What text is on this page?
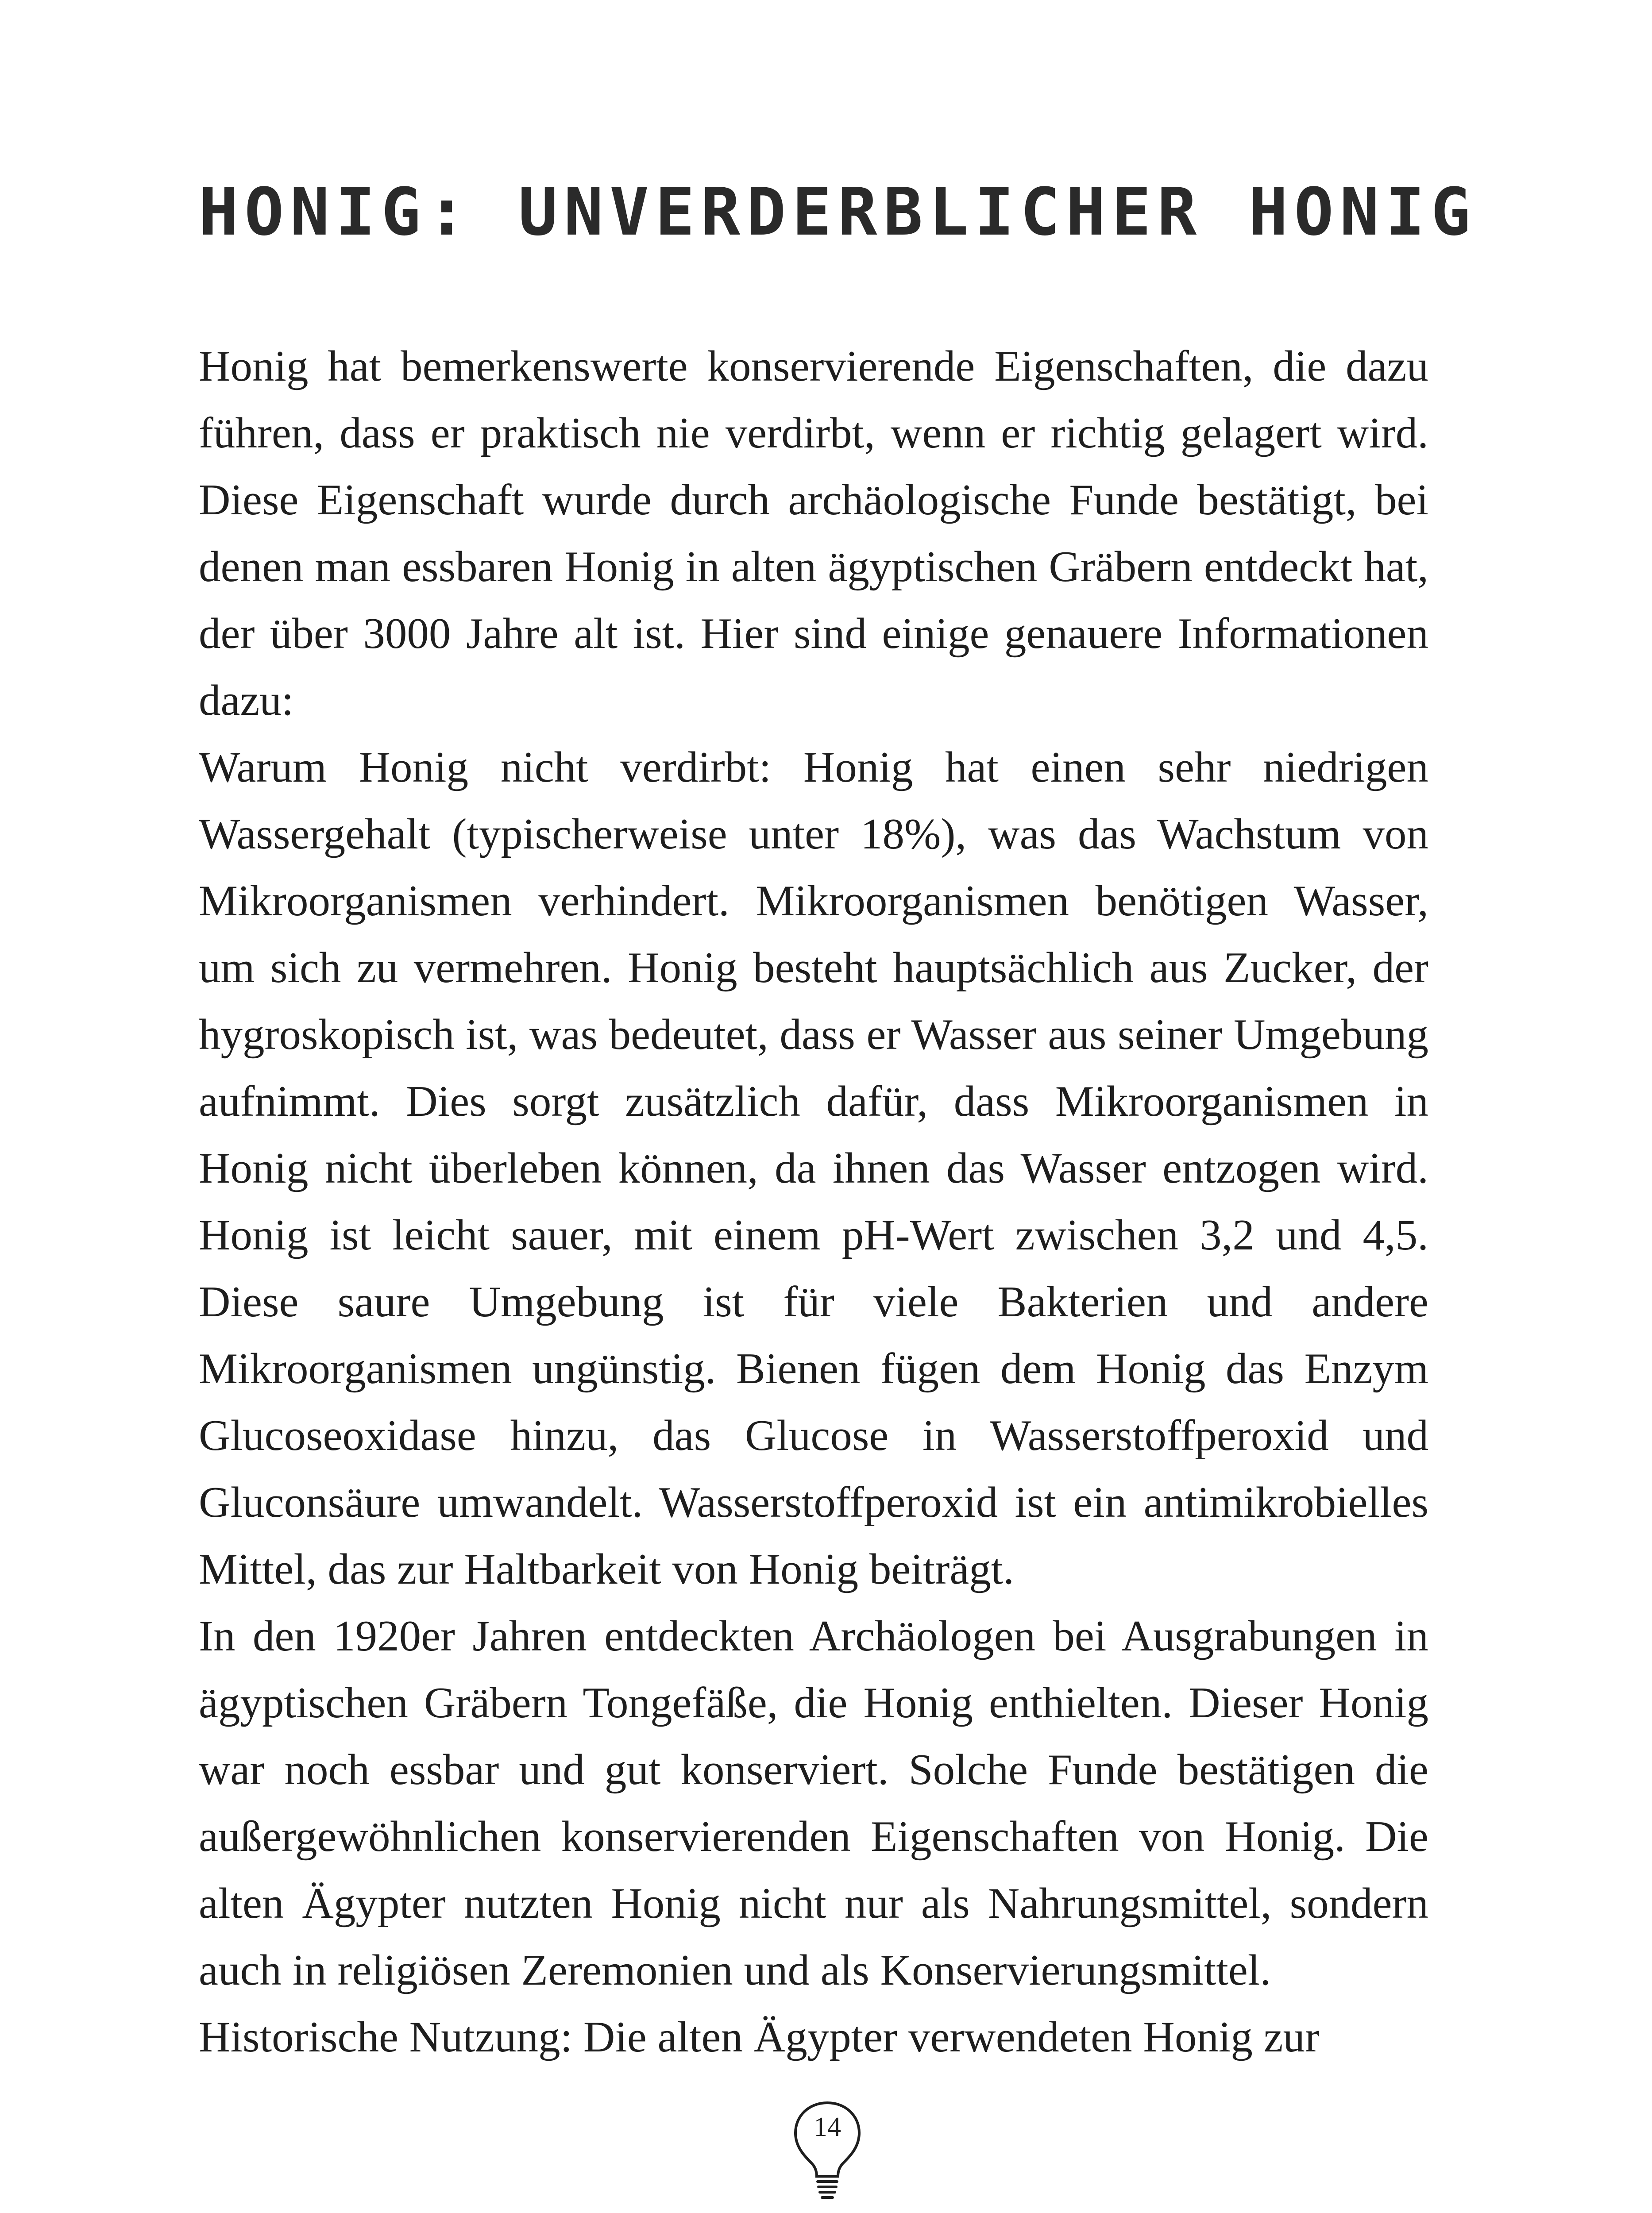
HONIG: UNVERDERBLICHER HONIG

Honig hat bemerkenswerte konservierende Eigenschaften, die dazu führen, dass er praktisch nie verdirbt, wenn er richtig gelagert wird. Diese Eigenschaft wurde durch archäologische Funde bestätigt, bei denen man essbaren Honig in alten ägyptischen Gräbern entdeckt hat, der über 3000 Jahre alt ist. Hier sind einige genauere Informationen dazu:

Warum Honig nicht verdirbt: Honig hat einen sehr niedrigen Wassergehalt (typischerweise unter 18%), was das Wachstum von Mikroorganismen verhindert. Mikroorganismen benötigen Wasser, um sich zu vermehren. Honig besteht hauptsächlich aus Zucker, der hygroskopisch ist, was bedeutet, dass er Wasser aus seiner Umgebung aufnimmt. Dies sorgt zusätzlich dafür, dass Mikroorganismen in Honig nicht überleben können, da ihnen das Wasser entzogen wird. Honig ist leicht sauer, mit einem pH-Wert zwischen 3,2 und 4,5. Diese saure Umgebung ist für viele Bakterien und andere Mikroorganismen ungünstig. Bienen fügen dem Honig das Enzym Glucoseoxidase hinzu, das Glucose in Wasserstoffperoxid und Gluconsäure umwandelt. Wasserstoffperoxid ist ein antimikrobielles Mittel, das zur Haltbarkeit von Honig beiträgt.

In den 1920er Jahren entdeckten Archäologen bei Ausgrabungen in ägyptischen Gräbern Tongefäße, die Honig enthielten. Dieser Honig war noch essbar und gut konserviert. Solche Funde bestätigen die außergewöhnlichen konservierenden Eigenschaften von Honig. Die alten Ägypter nutzten Honig nicht nur als Nahrungsmittel, sondern auch in religiösen Zeremonien und als Konservierungsmittel.

Historische Nutzung: Die alten Ägypter verwendeten Honig zur

14
